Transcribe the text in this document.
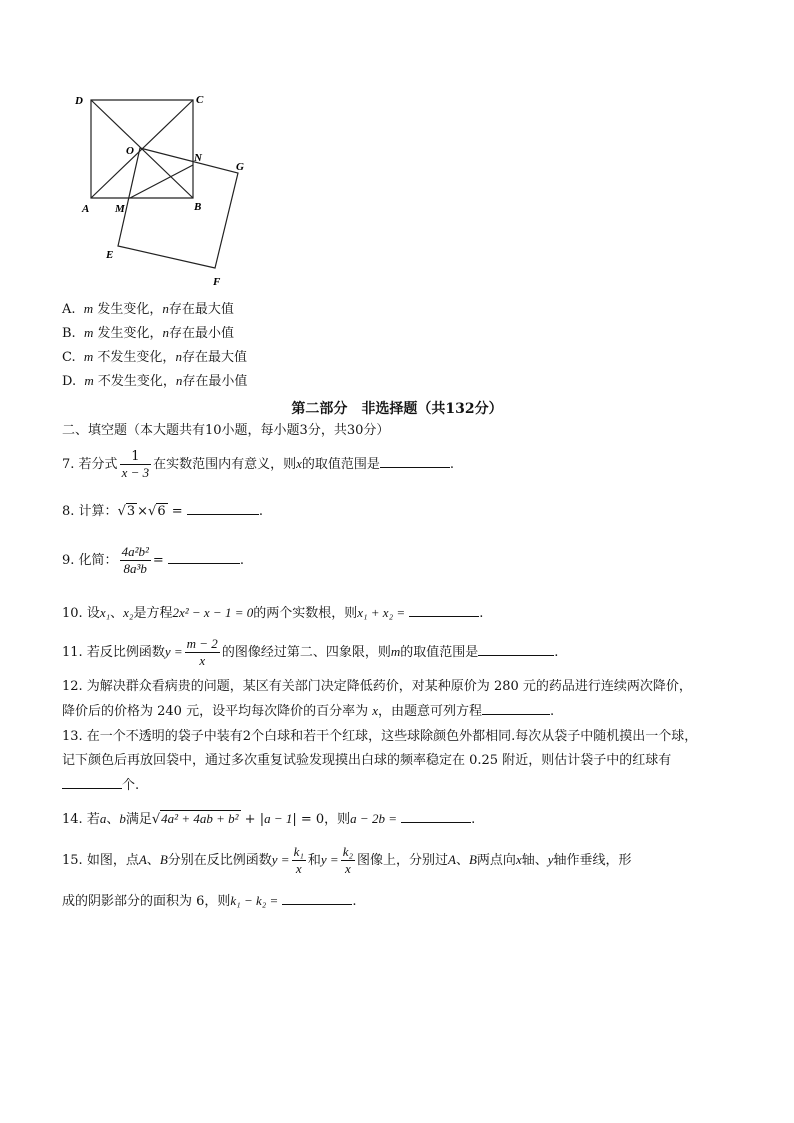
D	C
O
N
G
A M	B
E
F
A. m 发生变化，n存在最大值
B. m 发生变化，n存在最小值
C. m 不发生变化，n存在最大值
D. m 不发生变化，n存在最小值
第二部分　非选择题（共132分）
二、填空题（本大题共有10小题，每小题3分，共30分）
7. 若分式 $\frac{1}{x - 3}$ 在实数范围内有意义，则x的取值范围是	.
8. 计算：√3 ×√6 =	.
9. 化简： $\frac{\text{4a²b²}}{\text{8a³b}}$ =	.
10. 设x₁、x₂是方程2x² − x − 1 = 0的两个实数根，则x₁ + x₂ =	.
11. 若反比例函数$y = \frac{m - 2}{x}$ 的图像经过第二、四象限，则m的取值范围是	.
12. 为解决群众看病贵的问题，某区有关部门决定降低药价，对某种原价为 280 元的药品进行连续两次降价，
降价后的价格为 240 元，设平均每次降价的百分率为 x，由题意可列方程	.
13. 在一个不透明的袋子中装有2个白球和若干个红球，这些球除颜色外都相同.每次从袋子中随机摸出一个球，
记下颜色后再放回袋中，通过多次重复试验发现摸出白球的频率稳定在 0.25 附近，则估计袋子中的红球有
个.
14. 若a、b满足√4a² + 4ab + b² + |a − 1| = 0，则a − 2b =	.
15. 如图，点A、B分别在反比例函数$y = \frac{\text{k₁}}{x}$ 和$y = \frac{\text{k₂}}{x}$ 图像上，分别过A、B两点向x轴、y轴作垂线，形
成的阴影部分的面积为 6，则k₁ − k₂ =	.
